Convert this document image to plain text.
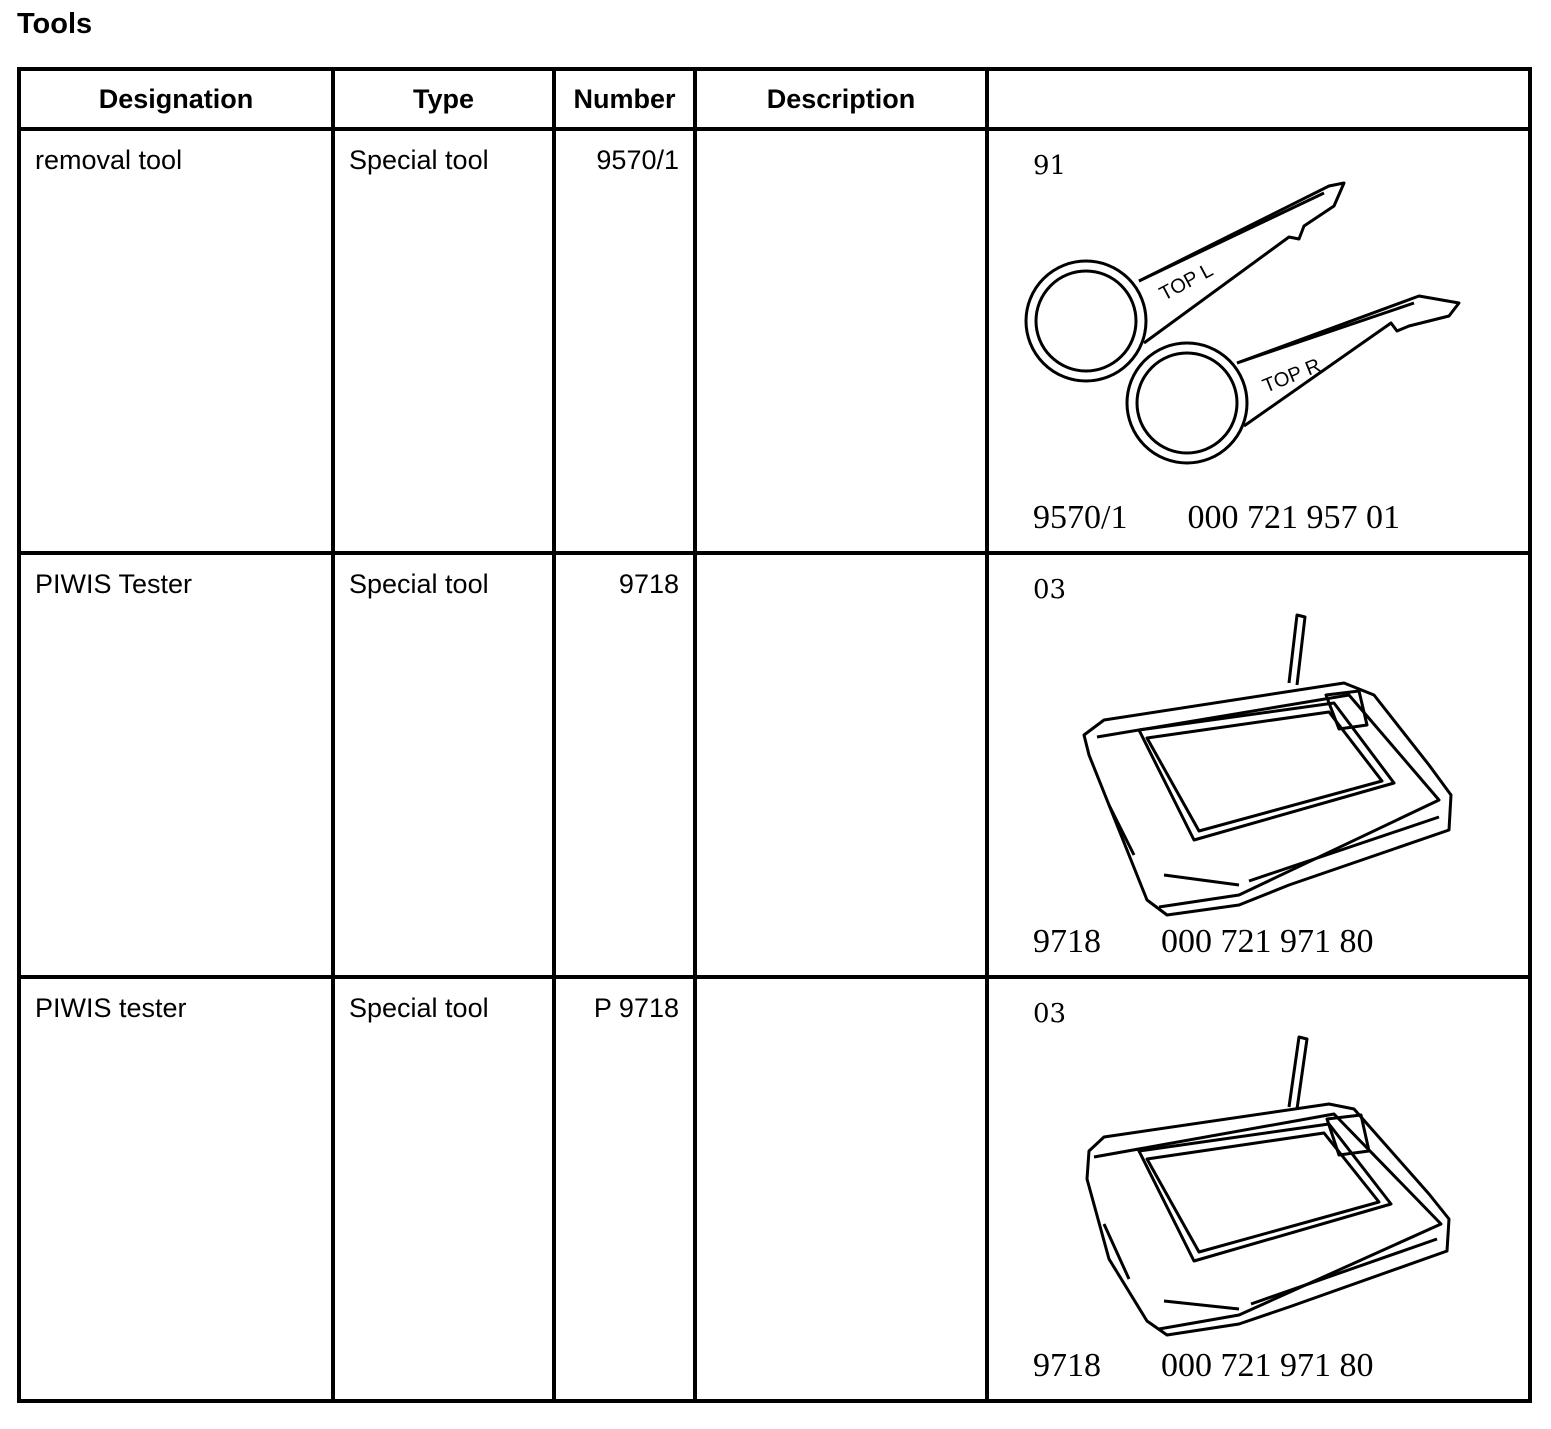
Tools
Designation	Type	Number	Description	

removal tool	Special tool	9570/1		91
TOP L
TOP R
9570/1 000 721 957 01

PIWIS Tester	Special tool	9718		03
9718 000 721 971 80

PIWIS tester	Special tool	P 9718		03
9718 000 721 971 80
